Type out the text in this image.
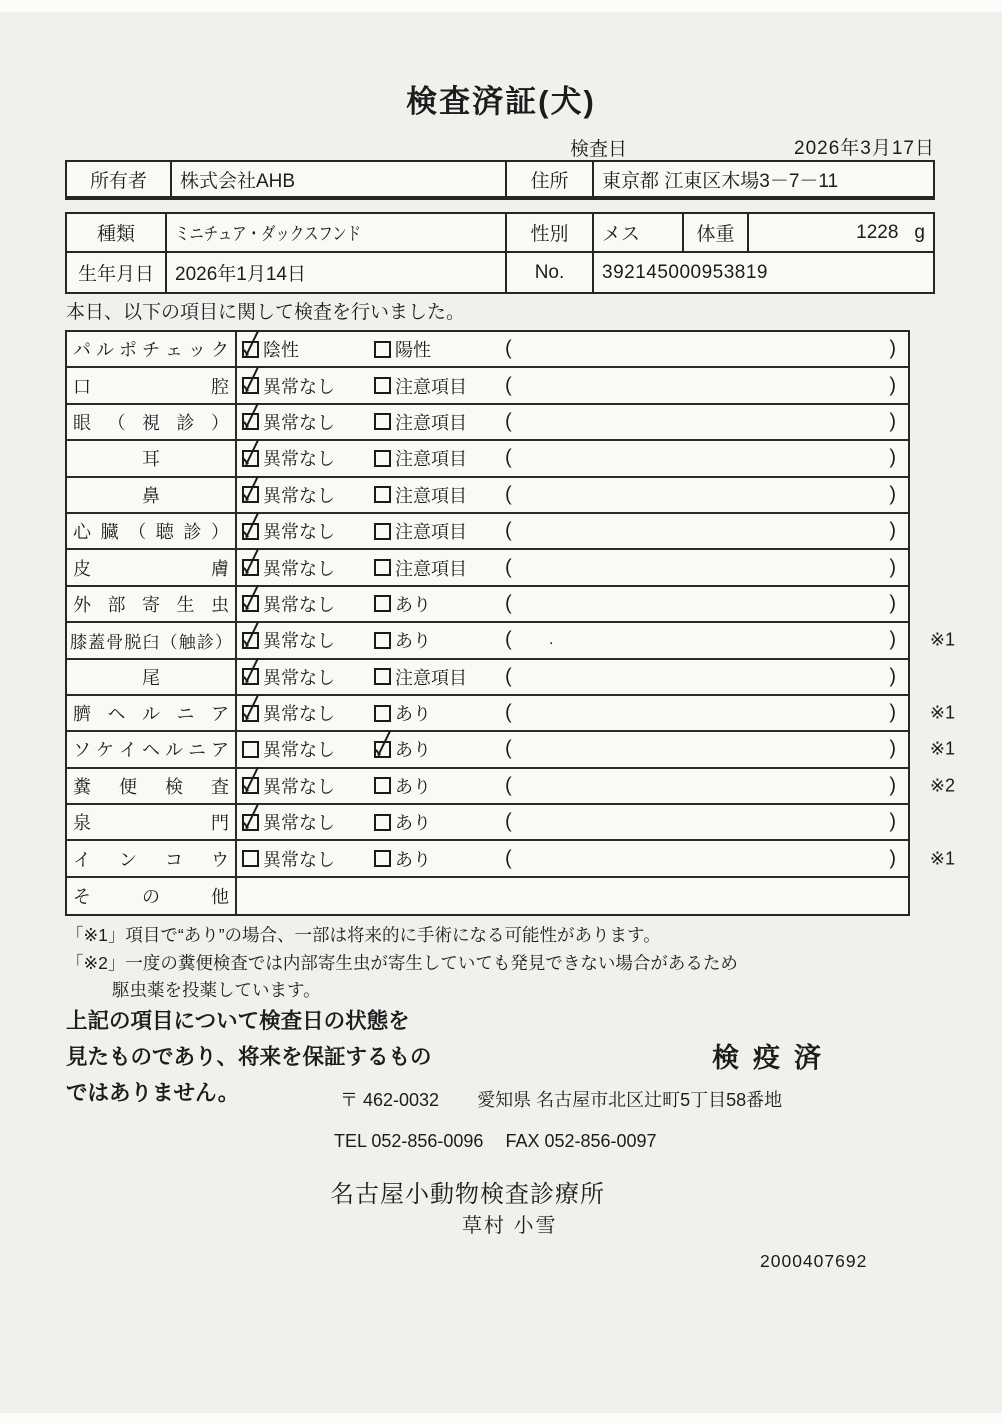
検査済証(犬)
検査日	2026年3月17日
所有者	株式会社AHB	住所	東京都 江東区木場3－7－11
種類	ミニチュア・ダックスフンド	性別	メス	体重	1228 g
生年月日	2026年1月14日	No.	392145000953819
本日、以下の項目に関して検査を行いました。
パ ル ポ チ ェ ッ ク 陰性	陽性	(	)
口	腔 異常なし	注意項目 (	)
眼 （ 視 診 ） 異常なし	注意項目 (	)
耳	異常なし	注意項目 (	)
鼻	異常なし	注意項目 (	)
心 臓 （ 聴 診 ） 異常なし	注意項目 (	)
皮	膚 異常なし	注意項目 (	)
外 部 寄 生 虫 異常なし	あり	(	)
膝 蓋 骨 脱 臼 （ 触 診 ） 異常なし	あり	( .	) ※1
尾	異常なし	注意項目 (	)
臍 ヘ ル ニ ア 異常なし	あり	(	) ※1
ソ ケ イ ヘ ル ニ ア 異常なし	あり	(	) ※1
糞 便 検 査 異常なし	あり	(	) ※2
泉	門 異常なし	あり	(	)
イ ン コ ウ 異常なし	あり	(	) ※1
そ	の	他
「※1」項目で“あり”の場合、一部は将来的に手術になる可能性があります。
「※2」一度の糞便検査では内部寄生虫が寄生していても発見できない場合があるため
駆虫薬を投薬しています。
上記の項目について検査日の状態を
見たものであり、将来を保証するもの
ではありません。
検疫済
〒 462-0032 愛知県 名古屋市北区辻町5丁目58番地
TEL 052-856-0096 FAX 052-856-0097
名古屋小動物検査診療所
草村 小雪
2000407692
